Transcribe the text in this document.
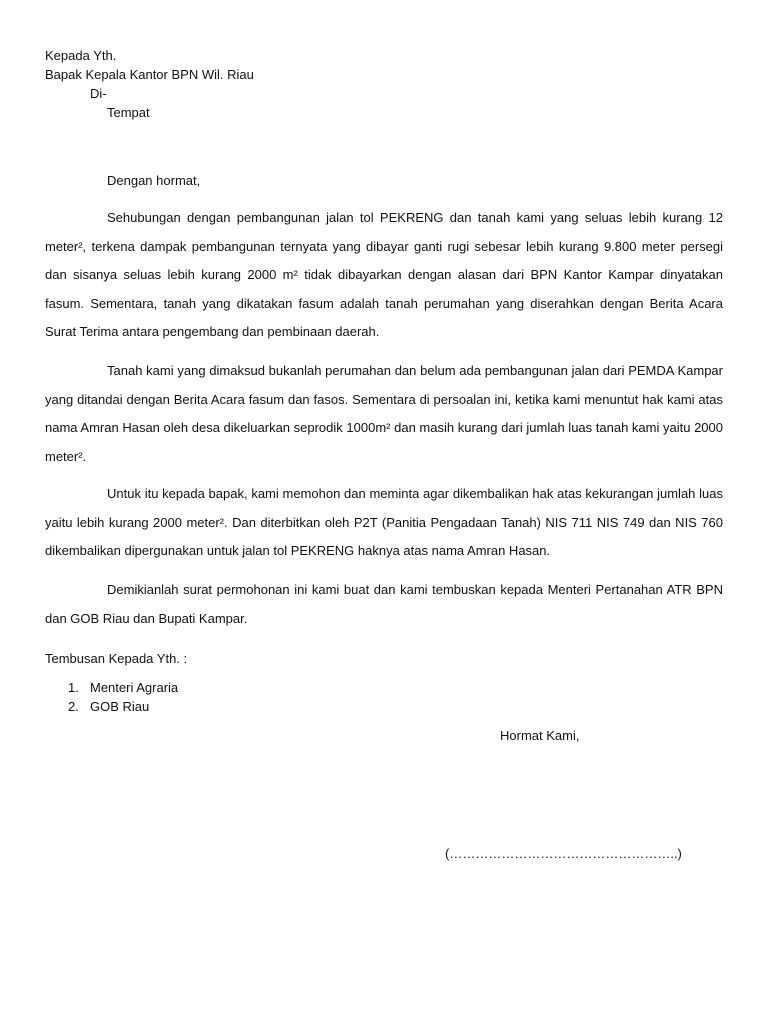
Kepada Yth.
Bapak Kepala Kantor BPN Wil. Riau
Di-
Tempat
Dengan hormat,

Sehubungan dengan pembangunan jalan tol PEKRENG dan tanah kami yang seluas lebih kurang 12 meter², terkena dampak pembangunan ternyata yang dibayar ganti rugi sebesar lebih kurang 9.800 meter persegi dan sisanya seluas lebih kurang 2000 m² tidak dibayarkan dengan alasan dari BPN Kantor Kampar dinyatakan fasum. Sementara, tanah yang dikatakan fasum adalah tanah perumahan yang diserahkan dengan Berita Acara Surat Terima antara pengembang dan pembinaan daerah.

Tanah kami yang dimaksud bukanlah perumahan dan belum ada pembangunan jalan dari PEMDA Kampar yang ditandai dengan Berita Acara fasum dan fasos. Sementara di persoalan ini, ketika kami menuntut hak kami atas nama Amran Hasan oleh desa dikeluarkan seprodik 1000m² dan masih kurang dari jumlah luas tanah kami yaitu 2000 meter².

Untuk itu kepada bapak, kami memohon dan meminta agar dikembalikan hak atas kekurangan jumlah luas yaitu lebih kurang 2000 meter². Dan diterbitkan oleh P2T (Panitia Pengadaan Tanah) NIS 711 NIS 749 dan NIS 760 dikembalikan dipergunakan untuk jalan tol PEKRENG haknya atas nama Amran Hasan.

Demikianlah surat permohonan ini kami buat dan kami tembuskan kepada Menteri Pertanahan ATR BPN dan GOB Riau dan Bupati Kampar.

Tembusan Kepada Yth. :
1. Menteri Agraria
2. GOB Riau
Hormat Kami,
(……………………………………………..)
